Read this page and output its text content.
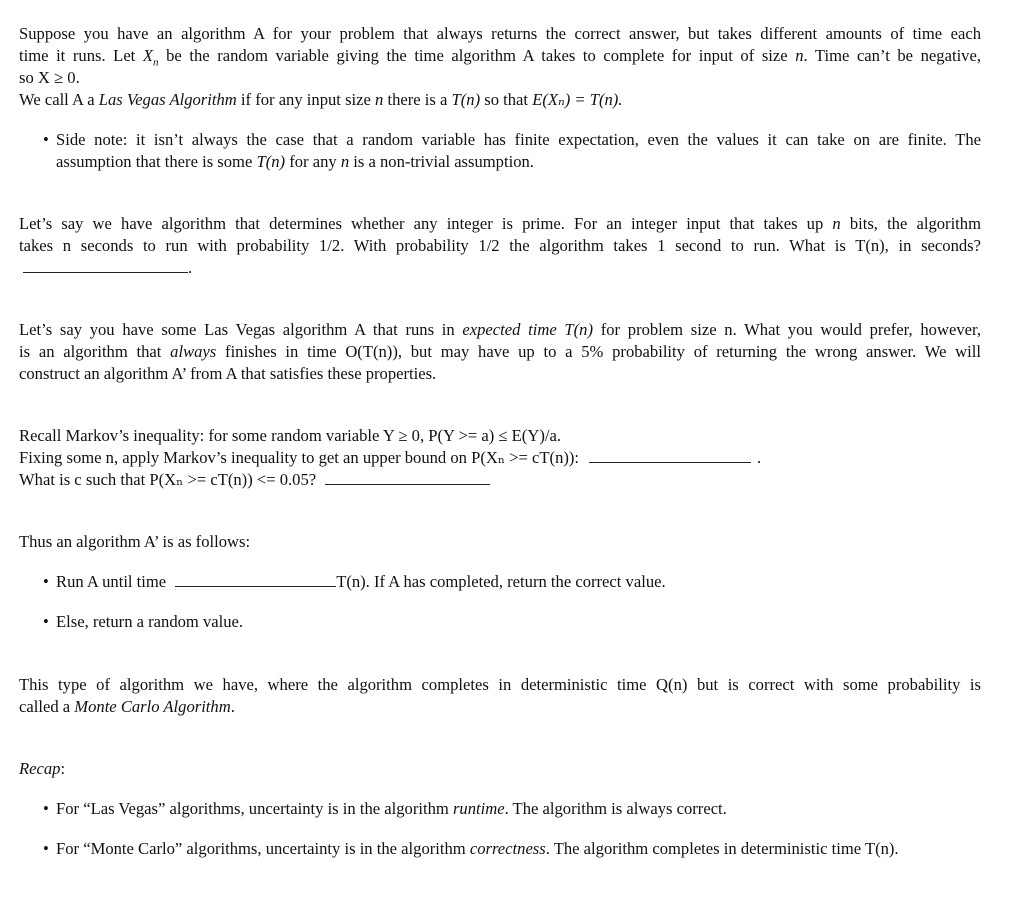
Suppose you have an algorithm A for your problem that always returns the correct answer, but takes different amounts of time each
time it runs. Let $X_n$ be the random variable giving the time algorithm A takes to complete for input of size n. Time can’t be negative,
so X ≥ 0.
We call A a Las Vegas Algorithm if for any input size n there is a T(n) so that E(Xₙ) = T(n).
• Side note: it isn’t always the case that a random variable has finite expectation, even the values it can take on are finite. The
assumption that there is some T(n) for any n is a non-trivial assumption.
Let’s say we have algorithm that determines whether any integer is prime. For an integer input that takes up n bits, the algorithm
takes n seconds to run with probability 1/2. With probability 1/2 the algorithm takes 1 second to run. What is T(n), in seconds?
.
Let’s say you have some Las Vegas algorithm A that runs in expected time T(n) for problem size n. What you would prefer, however,
is an algorithm that always finishes in time O(T(n)), but may have up to a 5% probability of returning the wrong answer. We will
construct an algorithm A’ from A that satisfies these properties.
Recall Markov’s inequality: for some random variable Y ≥ 0, P(Y >= a) ≤ E(Y)/a.
Fixing some n, apply Markov’s inequality to get an upper bound on P(Xₙ >= cT(n)):	.
What is c such that P(Xₙ >= cT(n)) <= 0.05?
Thus an algorithm A’ is as follows:
• Run A until time	T(n). If A has completed, return the correct value.
• Else, return a random value.
This type of algorithm we have, where the algorithm completes in deterministic time Q(n) but is correct with some probability is
called a Monte Carlo Algorithm.
Recap:
• For “Las Vegas” algorithms, uncertainty is in the algorithm runtime. The algorithm is always correct.
• For “Monte Carlo” algorithms, uncertainty is in the algorithm correctness. The algorithm completes in deterministic time T(n).
